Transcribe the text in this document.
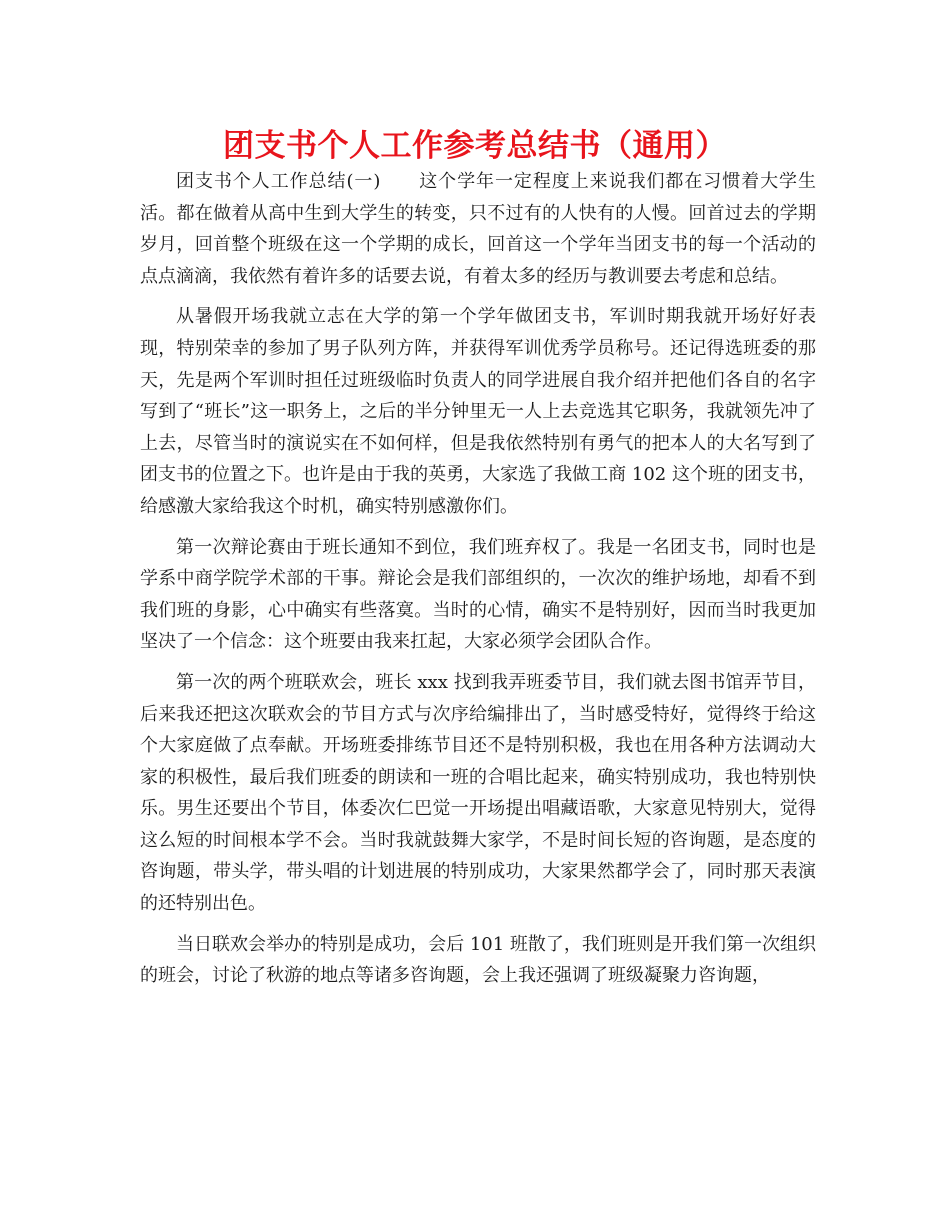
团支书个人工作参考总结书（通用）

团支书个人工作总结(一)　　这个学年一定程度上来说我们都在习惯着大学生活。都在做着从高中生到大学生的转变，只不过有的人快有的人慢。回首过去的学期岁月，回首整个班级在这一个学期的成长，回首这一个学年当团支书的每一个活动的点点滴滴，我依然有着许多的话要去说，有着太多的经历与教训要去考虑和总结。

从暑假开场我就立志在大学的第一个学年做团支书，军训时期我就开场好好表现，特别荣幸的参加了男子队列方阵，并获得军训优秀学员称号。还记得选班委的那天，先是两个军训时担任过班级临时负责人的同学进展自我介绍并把他们各自的名字写到了“班长”这一职务上，之后的半分钟里无一人上去竞选其它职务，我就领先冲了上去，尽管当时的演说实在不如何样，但是我依然特别有勇气的把本人的大名写到了团支书的位置之下。也许是由于我的英勇，大家选了我做工商 102 这个班的团支书，给感激大家给我这个时机，确实特别感激你们。

第一次辩论赛由于班长通知不到位，我们班弃权了。我是一名团支书，同时也是学系中商学院学术部的干事。辩论会是我们部组织的，一次次的维护场地，却看不到我们班的身影，心中确实有些落寞。当时的心情，确实不是特别好，因而当时我更加坚决了一个信念：这个班要由我来扛起，大家必须学会团队合作。

第一次的两个班联欢会，班长 xxx 找到我弄班委节目，我们就去图书馆弄节目，后来我还把这次联欢会的节目方式与次序给编排出了，当时感受特好，觉得终于给这个大家庭做了点奉献。开场班委排练节目还不是特别积极，我也在用各种方法调动大家的积极性，最后我们班委的朗读和一班的合唱比起来，确实特别成功，我也特别快乐。男生还要出个节目，体委次仁巴觉一开场提出唱藏语歌，大家意见特别大，觉得这么短的时间根本学不会。当时我就鼓舞大家学，不是时间长短的咨询题，是态度的咨询题，带头学，带头唱的计划进展的特别成功，大家果然都学会了，同时那天表演的还特别出色。

当日联欢会举办的特别是成功，会后 101 班散了，我们班则是开我们第一次组织的班会，讨论了秋游的地点等诸多咨询题，会上我还强调了班级凝聚力咨询题，
